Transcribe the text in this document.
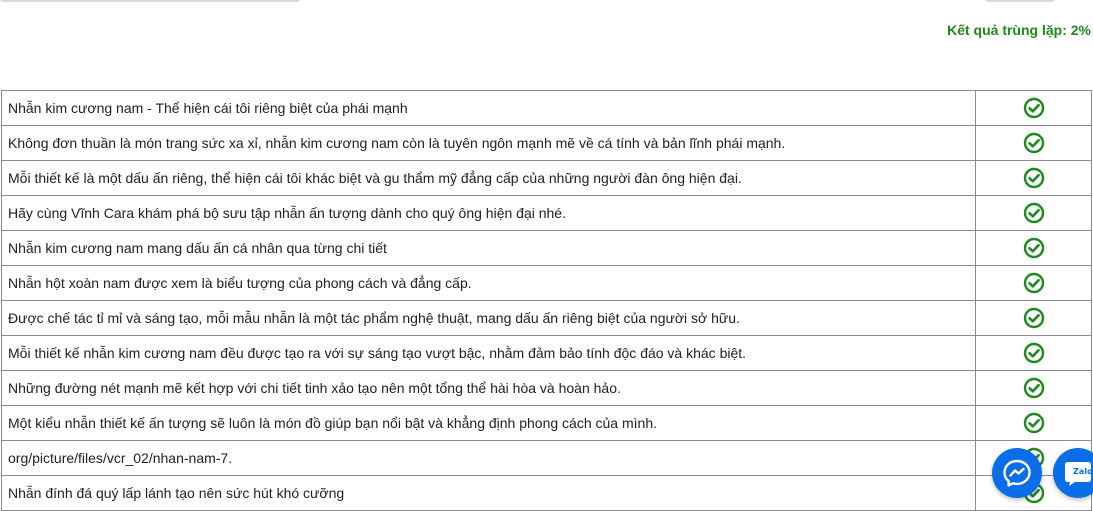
Kết quả trùng lặp: 2%
Nhẫn kim cương nam - Thể hiện cái tôi riêng biệt của phái mạnh	
Không đơn thuần là món trang sức xa xỉ, nhẫn kim cương nam còn là tuyên ngôn mạnh mẽ về cá tính và bản lĩnh phái mạnh.	
Mỗi thiết kế là một dấu ấn riêng, thể hiện cái tôi khác biệt và gu thẩm mỹ đẳng cấp của những người đàn ông hiện đại.	
Hãy cùng Vĩnh Cara khám phá bộ sưu tập nhẫn ấn tượng dành cho quý ông hiện đại nhé.	
Nhẫn kim cương nam mang dấu ấn cá nhân qua từng chi tiết	
Nhẫn hột xoàn nam được xem là biểu tượng của phong cách và đẳng cấp.	
Được chế tác tỉ mỉ và sáng tạo, mỗi mẫu nhẫn là một tác phẩm nghệ thuật, mang dấu ấn riêng biệt của người sở hữu.	
Mỗi thiết kế nhẫn kim cương nam đều được tạo ra với sự sáng tạo vượt bậc, nhằm đảm bảo tính độc đáo và khác biệt.	
Những đường nét mạnh mẽ kết hợp với chi tiết tinh xảo tạo nên một tổng thể hài hòa và hoàn hảo.	
Một kiểu nhẫn thiết kế ấn tượng sẽ luôn là món đồ giúp bạn nổi bật và khẳng định phong cách của mình.	
org/picture/files/vcr_02/nhan-nam-7.	
Nhẫn đính đá quý lấp lánh tạo nên sức hút khó cưỡng	
Zalo
